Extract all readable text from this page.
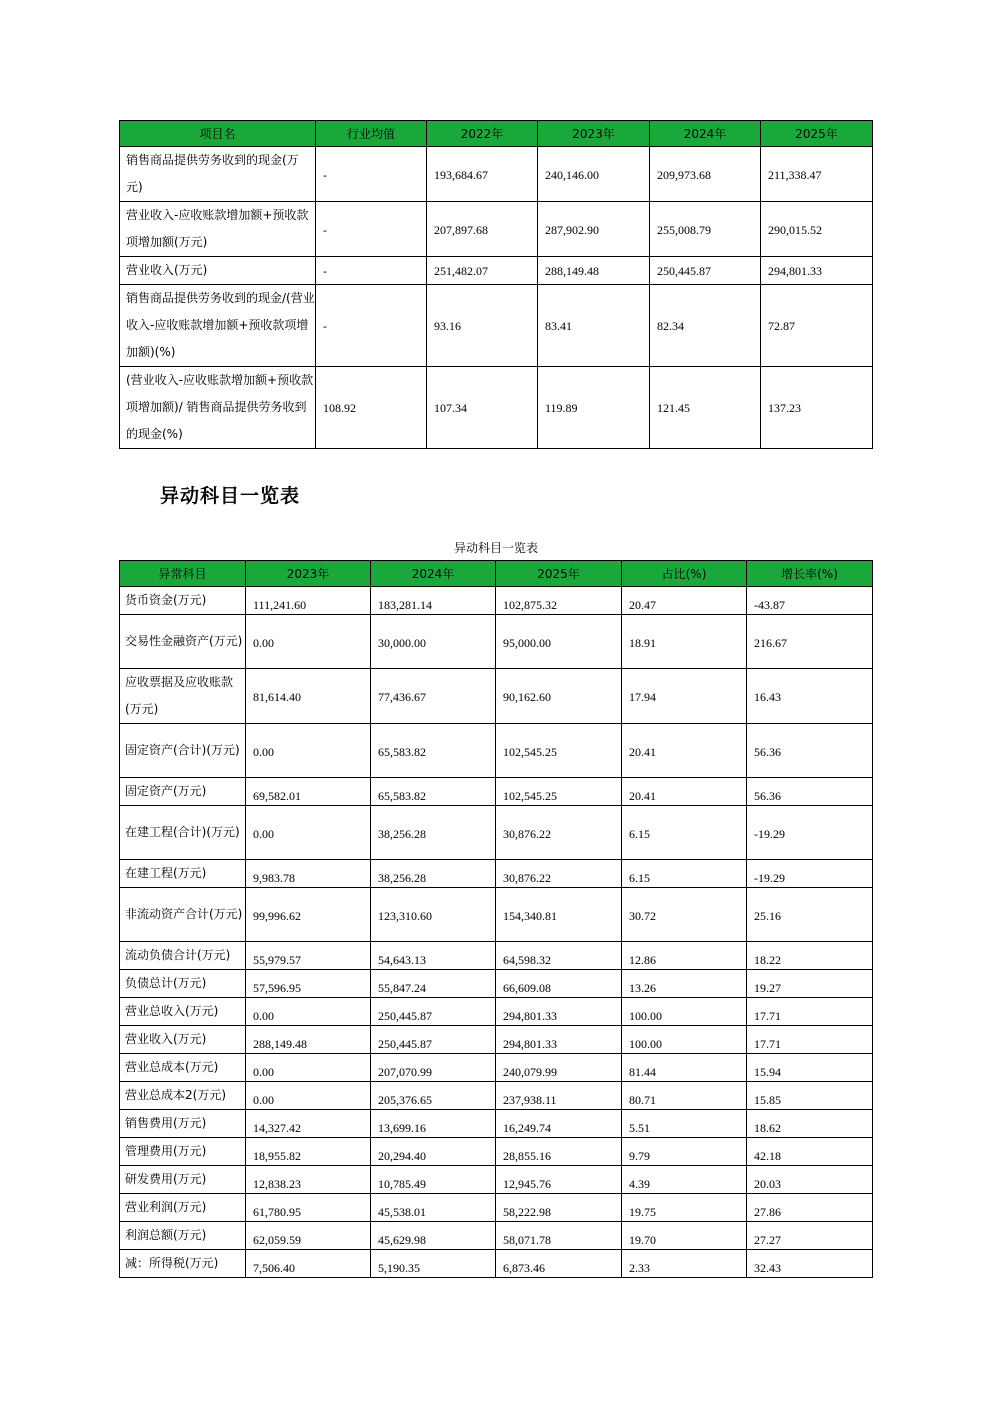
项目名	行业均值	2022年	2023年	2024年	2025年
销售商品提供劳务收到的现金(万元)	-	193,684.67	240,146.00	209,973.68	211,338.47
营业收入-应收账款增加额+预收款项增加额(万元)	-	207,897.68	287,902.90	255,008.79	290,015.52
营业收入(万元)	-	251,482.07	288,149.48	250,445.87	294,801.33
销售商品提供劳务收到的现金/(营业收入-应收账款增加额+预收款项增加额)(%)	-	93.16	83.41	82.34	72.87
(营业收入-应收账款增加额+预收款项增加额)/ 销售商品提供劳务收到的现金(%)	108.92	107.34	119.89	121.45	137.23
异动科目一览表
异动科目一览表
异常科目	2023年	2024年	2025年	占比(%)	增长率(%)
货币资金(万元)	111,241.60	183,281.14	102,875.32	20.47	-43.87
交易性金融资产(万元)	0.00	30,000.00	95,000.00	18.91	216.67
应收票据及应收账款(万元)	81,614.40	77,436.67	90,162.60	17.94	16.43
固定资产(合计)(万元)	0.00	65,583.82	102,545.25	20.41	56.36
固定资产(万元)	69,582.01	65,583.82	102,545.25	20.41	56.36
在建工程(合计)(万元)	0.00	38,256.28	30,876.22	6.15	-19.29
在建工程(万元)	9,983.78	38,256.28	30,876.22	6.15	-19.29
非流动资产合计(万元)	99,996.62	123,310.60	154,340.81	30.72	25.16
流动负债合计(万元)	55,979.57	54,643.13	64,598.32	12.86	18.22
负债总计(万元)	57,596.95	55,847.24	66,609.08	13.26	19.27
营业总收入(万元)	0.00	250,445.87	294,801.33	100.00	17.71
营业收入(万元)	288,149.48	250,445.87	294,801.33	100.00	17.71
营业总成本(万元)	0.00	207,070.99	240,079.99	81.44	15.94
营业总成本2(万元)	0.00	205,376.65	237,938.11	80.71	15.85
销售费用(万元)	14,327.42	13,699.16	16,249.74	5.51	18.62
管理费用(万元)	18,955.82	20,294.40	28,855.16	9.79	42.18
研发费用(万元)	12,838.23	10,785.49	12,945.76	4.39	20.03
营业利润(万元)	61,780.95	45,538.01	58,222.98	19.75	27.86
利润总额(万元)	62,059.59	45,629.98	58,071.78	19.70	27.27
减：所得税(万元)	7,506.40	5,190.35	6,873.46	2.33	32.43
